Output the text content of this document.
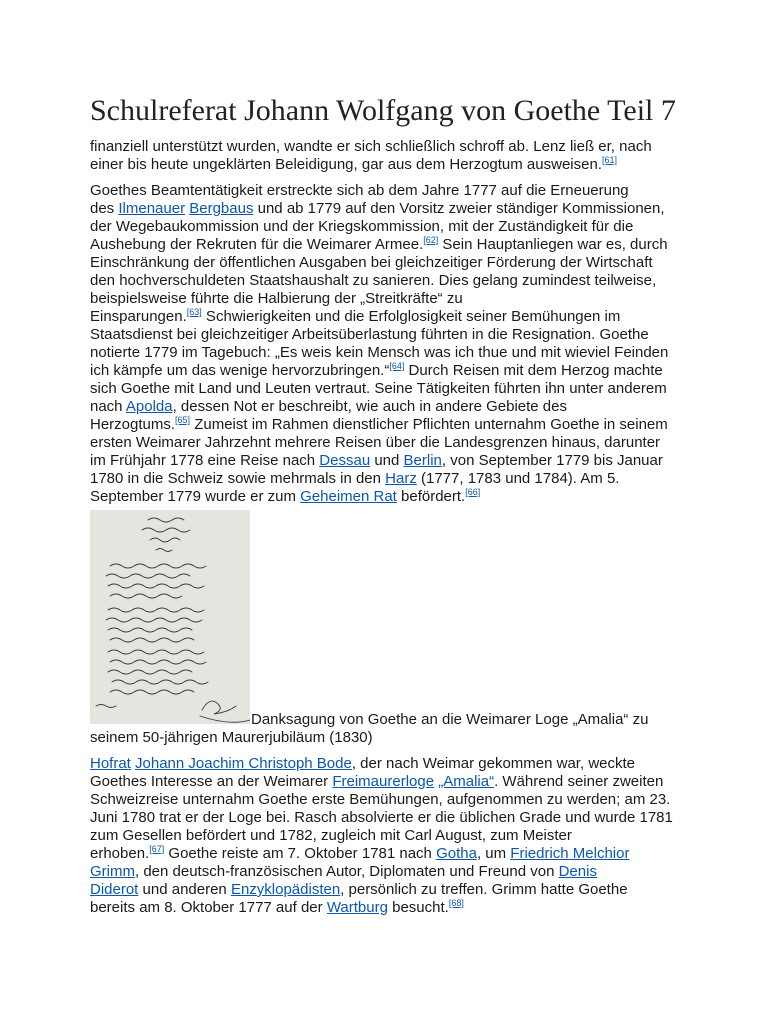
Schulreferat Johann Wolfgang von Goethe Teil 7

finanziell unterstützt wurden, wandte er sich schließlich schroff ab. Lenz ließ er, nach
einer bis heute ungeklärten Beleidigung, gar aus dem Herzogtum ausweisen.[61]

Goethes Beamtentätigkeit erstreckte sich ab dem Jahre 1777 auf die Erneuerung
des Ilmenauer Bergbaus und ab 1779 auf den Vorsitz zweier ständiger Kommissionen,
der Wegebaukommission und der Kriegskommission, mit der Zuständigkeit für die
Aushebung der Rekruten für die Weimarer Armee.[62] Sein Hauptanliegen war es, durch
Einschränkung der öffentlichen Ausgaben bei gleichzeitiger Förderung der Wirtschaft
den hochverschuldeten Staatshaushalt zu sanieren. Dies gelang zumindest teilweise,
beispielsweise führte die Halbierung der „Streitkräfte“ zu
Einsparungen.[63] Schwierigkeiten und die Erfolglosigkeit seiner Bemühungen im
Staatsdienst bei gleichzeitiger Arbeitsüberlastung führten in die Resignation. Goethe
notierte 1779 im Tagebuch: „Es weis kein Mensch was ich thue und mit wieviel Feinden
ich kämpfe um das wenige hervorzubringen.“[64] Durch Reisen mit dem Herzog machte
sich Goethe mit Land und Leuten vertraut. Seine Tätigkeiten führten ihn unter anderem
nach Apolda, dessen Not er beschreibt, wie auch in andere Gebiete des
Herzogtums.[65] Zumeist im Rahmen dienstlicher Pflichten unternahm Goethe in seinem
ersten Weimarer Jahrzehnt mehrere Reisen über die Landesgrenzen hinaus, darunter
im Frühjahr 1778 eine Reise nach Dessau und Berlin, von September 1779 bis Januar
1780 in die Schweiz sowie mehrmals in den Harz (1777, 1783 und 1784). Am 5.
September 1779 wurde er zum Geheimen Rat befördert.[66]

Danksagung von Goethe an die Weimarer Loge „Amalia“ zu
seinem 50-jährigen Maurerjubiläum (1830)

Hofrat Johann Joachim Christoph Bode, der nach Weimar gekommen war, weckte
Goethes Interesse an der Weimarer Freimaurerloge „Amalia“. Während seiner zweiten
Schweizreise unternahm Goethe erste Bemühungen, aufgenommen zu werden; am 23.
Juni 1780 trat er der Loge bei. Rasch absolvierte er die üblichen Grade und wurde 1781
zum Gesellen befördert und 1782, zugleich mit Carl August, zum Meister
erhoben.[67] Goethe reiste am 7. Oktober 1781 nach Gotha, um Friedrich Melchior
Grimm, den deutsch-französischen Autor, Diplomaten und Freund von Denis
Diderot und anderen Enzyklopädisten, persönlich zu treffen. Grimm hatte Goethe
bereits am 8. Oktober 1777 auf der Wartburg besucht.[68]
